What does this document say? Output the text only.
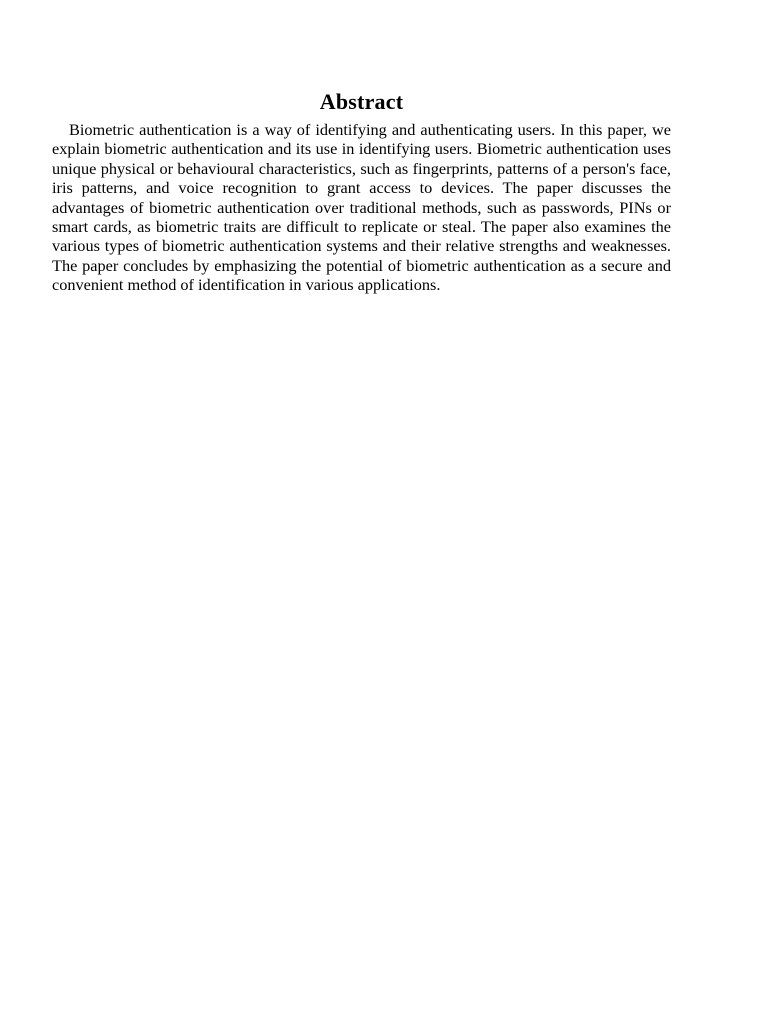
Abstract

Biometric authentication is a way of identifying and authenticating users. In this paper, we explain biometric authentication and its use in identifying users. Biometric authentication uses unique physical or behavioural characteristics, such as fingerprints, patterns of a person's face, iris patterns, and voice recognition to grant access to devices. The paper discusses the advantages of biometric authentication over traditional methods, such as passwords, PINs or smart cards, as biometric traits are difficult to replicate or steal. The paper also examines the various types of biometric authentication systems and their relative strengths and weaknesses. The paper concludes by emphasizing the potential of biometric authentication as a secure and convenient method of identification in various applications.
